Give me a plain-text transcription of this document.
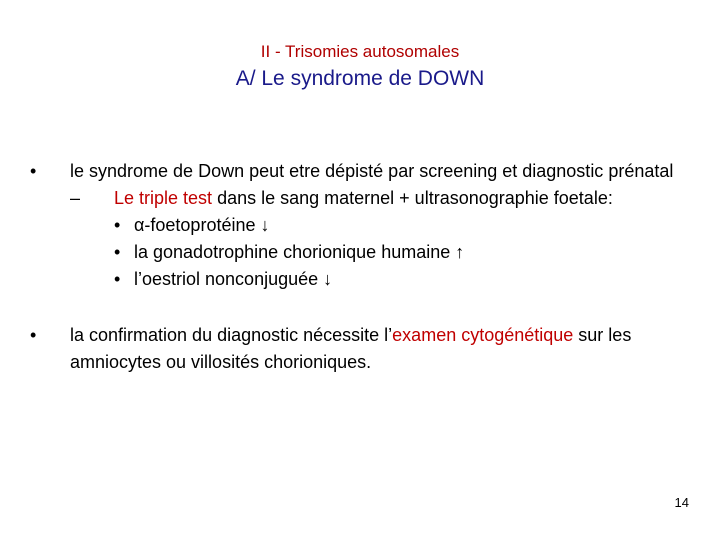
II - Trisomies autosomales
A/ Le syndrome de DOWN
•	le syndrome de Down peut etre dépisté par screening et diagnostic prénatal
– Le triple test dans le sang maternel + ultrasonographie foetale:
• α-foetoprotéine ↓
• la gonadotrophine chorionique humaine ↑
• l’oestriol nonconjuguée ↓
•	la confirmation du diagnostic nécessite l’examen cytogénétique sur les amniocytes ou villosités chorioniques.
14
